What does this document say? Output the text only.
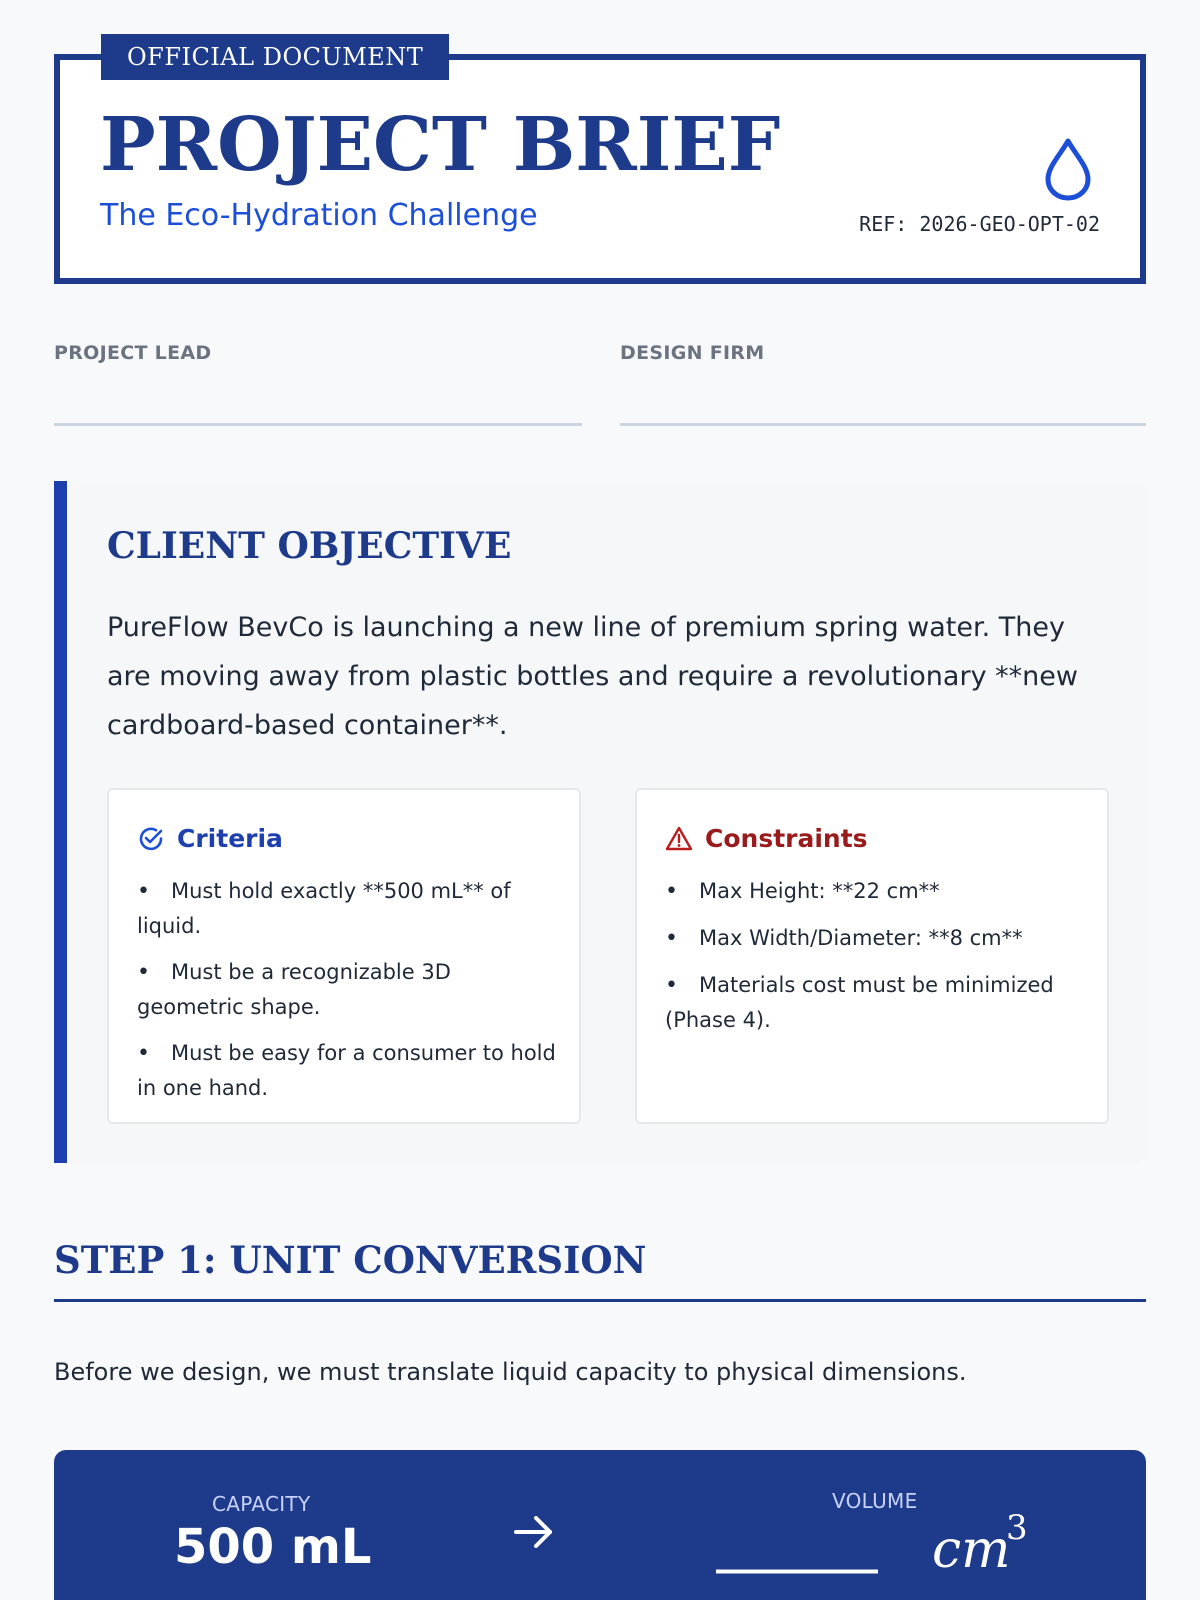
OFFICIAL DOCUMENT
PROJECT BRIEF
The Eco-Hydration Challenge	REF: 2026-GEO-OPT-02
PROJECT LEAD	DESIGN FIRM
CLIENT OBJECTIVE
PureFlow BevCo is launching a new line of premium spring water. They are moving away from plastic bottles and require a revolutionary **new cardboard-based container**.
Criteria
• Must hold exactly **500 mL** of liquid.
• Must be a recognizable 3D geometric shape.
• Must be easy for a consumer to hold in one hand.
Constraints
• Max Height: **22 cm**
• Max Width/Diameter: **8 cm**
• Materials cost must be minimized (Phase 4).
STEP 1: UNIT CONVERSION
Before we design, we must translate liquid capacity to physical dimensions.
CAPACITY
500 mL
VOLUME
________ cm
3
